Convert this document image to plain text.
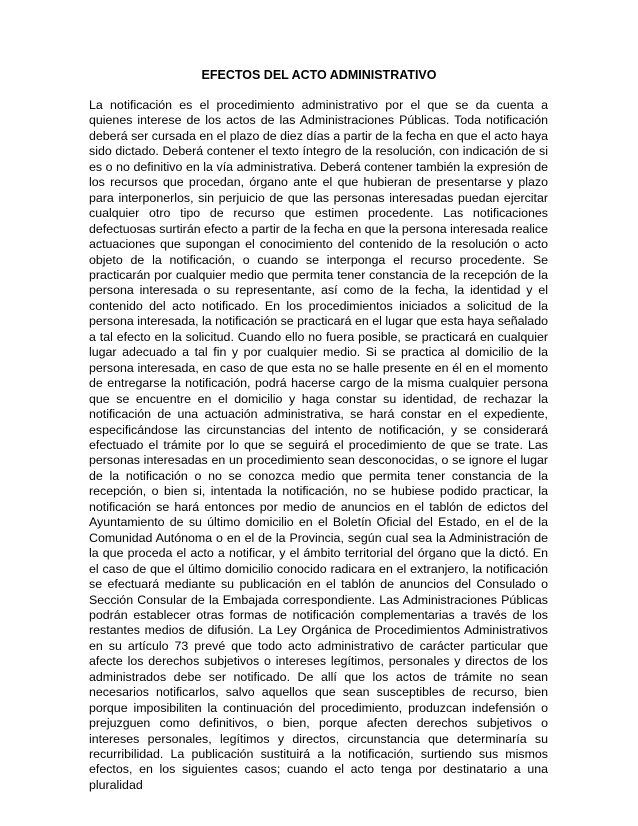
EFECTOS DEL ACTO ADMINISTRATIVO

La notificación es el procedimiento administrativo por el que se da cuenta a quienes interese de los actos de las Administraciones Públicas. Toda notificación deberá ser cursada en el plazo de diez días a partir de la fecha en que el acto haya sido dictado. Deberá contener el texto íntegro de la resolución, con indicación de si es o no definitivo en la vía administrativa. Deberá contener también la expresión de los recursos que procedan, órgano ante el que hubieran de presentarse y plazo para interponerlos, sin perjuicio de que las personas interesadas puedan ejercitar cualquier otro tipo de recurso que estimen procedente. Las notificaciones defectuosas surtirán efecto a partir de la fecha en que la persona interesada realice actuaciones que supongan el conocimiento del contenido de la resolución o acto objeto de la notificación, o cuando se interponga el recurso procedente. Se practicarán por cualquier medio que permita tener constancia de la recepción de la persona interesada o su representante, así como de la fecha, la identidad y el contenido del acto notificado. En los procedimientos iniciados a solicitud de la persona interesada, la notificación se practicará en el lugar que esta haya señalado a tal efecto en la solicitud. Cuando ello no fuera posible, se practicará en cualquier lugar adecuado a tal fin y por cualquier medio. Si se practica al domicilio de la persona interesada, en caso de que esta no se halle presente en él en el momento de entregarse la notificación, podrá hacerse cargo de la misma cualquier persona que se encuentre en el domicilio y haga constar su identidad, de rechazar la notificación de una actuación administrativa, se hará constar en el expediente, especificándose las circunstancias del intento de notificación, y se considerará efectuado el trámite por lo que se seguirá el procedimiento de que se trate. Las personas interesadas en un procedimiento sean desconocidas, o se ignore el lugar de la notificación o no se conozca medio que permita tener constancia de la recepción, o bien si, intentada la notificación, no se hubiese podido practicar, la notificación se hará entonces por medio de anuncios en el tablón de edictos del Ayuntamiento de su último domicilio en el Boletín Oficial del Estado, en el de la Comunidad Autónoma o en el de la Provincia, según cual sea la Administración de la que proceda el acto a notificar, y el ámbito territorial del órgano que la dictó. En el caso de que el último domicilio conocido radicara en el extranjero, la notificación se efectuará mediante su publicación en el tablón de anuncios del Consulado o Sección Consular de la Embajada correspondiente. Las Administraciones Públicas podrán establecer otras formas de notificación complementarias a través de los restantes medios de difusión. La Ley Orgánica de Procedimientos Administrativos en su artículo 73 prevé que todo acto administrativo de carácter particular que afecte los derechos subjetivos o intereses legítimos, personales y directos de los administrados debe ser notificado. De allí que los actos de trámite no sean necesarios notificarlos, salvo aquellos que sean susceptibles de recurso, bien porque imposibiliten la continuación del procedimiento, produzcan indefensión o prejuzguen como definitivos, o bien, porque afecten derechos subjetivos o intereses personales, legítimos y directos, circunstancia que determinaría su recurribilidad. La publicación sustituirá a la notificación, surtiendo sus mismos efectos, en los siguientes casos; cuando el acto tenga por destinatario a una pluralidad
